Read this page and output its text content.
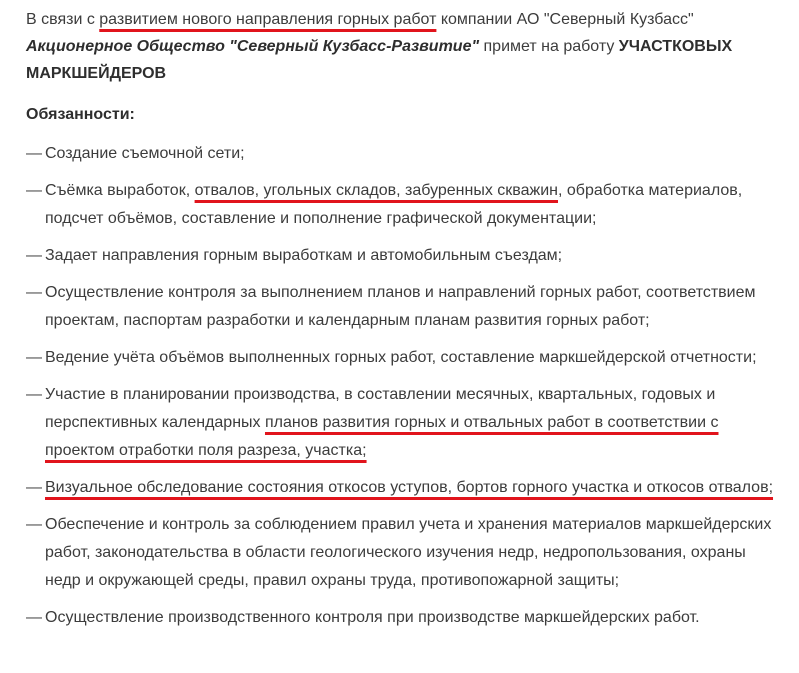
В связи с развитием нового направления горных работ компании АО "Северный Кузбасс" Акционерное Общество "Северный Кузбасс-Развитие" примет на работу УЧАСТКОВЫХ МАРКШЕЙДЕРОВ

Обязанности:

— Создание съемочной сети;
— Съёмка выработок, отвалов, угольных складов, забуренных скважин, обработка материалов, подсчет объёмов, составление и пополнение графической документации;
— Задает направления горным выработкам и автомобильным съездам;
— Осуществление контроля за выполнением планов и направлений горных работ, соответствием проектам, паспортам разработки и календарным планам развития горных работ;
— Ведение учёта объёмов выполненных горных работ, составление маркшейдерской отчетности;
— Участие в планировании производства, в составлении месячных, квартальных, годовых и перспективных календарных планов развития горных и отвальных работ в соответствии с проектом отработки поля разреза, участка;
— Визуальное обследование состояния откосов уступов, бортов горного участка и откосов отвалов;
— Обеспечение и контроль за соблюдением правил учета и хранения материалов маркшейдерских работ, законодательства в области геологического изучения недр, недропользования, охраны недр и окружающей среды, правил охраны труда, противопожарной защиты;
— Осуществление производственного контроля при производстве маркшейдерских работ.
